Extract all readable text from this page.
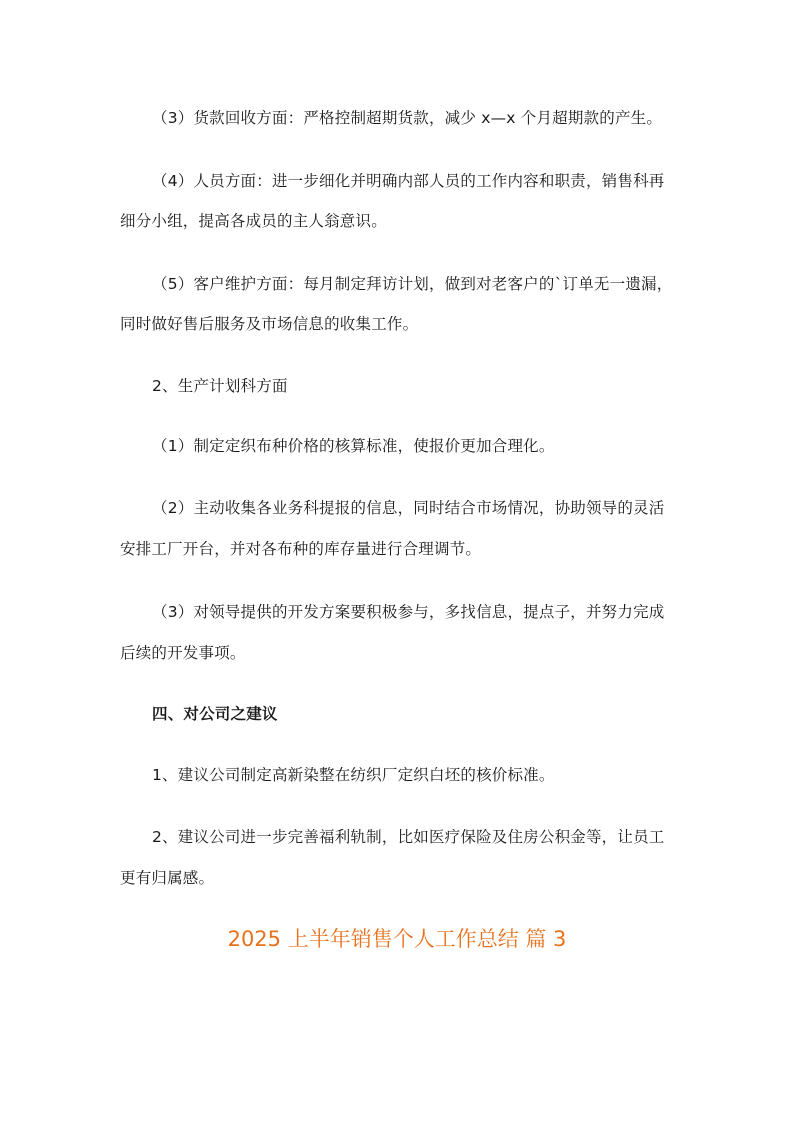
（3）货款回收方面：严格控制超期货款，减少 x—x 个月超期款的产生。
（4）人员方面：进一步细化并明确内部人员的工作内容和职责，销售科再
细分小组，提高各成员的主人翁意识。
（5）客户维护方面：每月制定拜访计划，做到对老客户的`订单无一遗漏，
同时做好售后服务及市场信息的收集工作。
2、生产计划科方面
（1）制定定织布种价格的核算标准，使报价更加合理化。
（2）主动收集各业务科提报的信息，同时结合市场情况，协助领导的灵活
安排工厂开台，并对各布种的库存量进行合理调节。
（3）对领导提供的开发方案要积极参与，多找信息，提点子，并努力完成
后续的开发事项。
四、对公司之建议
1、建议公司制定高新染整在纺织厂定织白坯的核价标准。
2、建议公司进一步完善福利轨制，比如医疗保险及住房公积金等，让员工
更有归属感。
2025 上半年销售个人工作总结 篇 3
